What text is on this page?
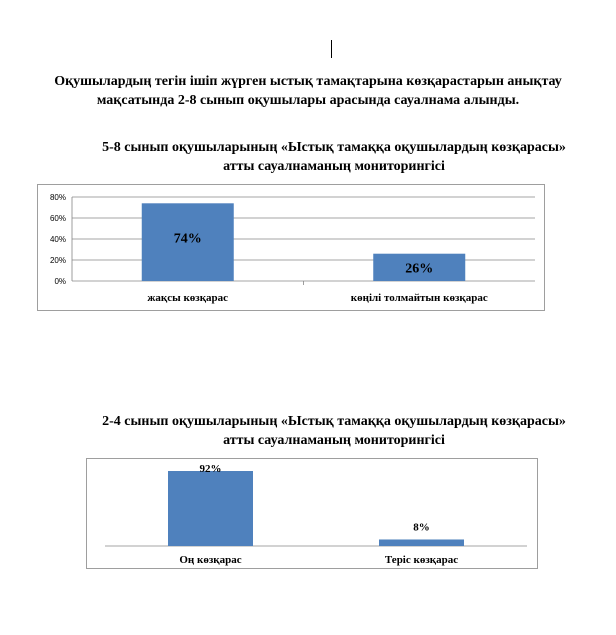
Оқушылардың тегін ішіп жүрген ыстық тамақтарына көзқарастарын анықтау
мақсатында 2-8 сынып оқушылары арасында сауалнама алынды.
5-8 сынып оқушыларының «Ыстық тамаққа оқушылардың көзқарасы»
атты сауалнаманың мониторингісі
0%
20%
40%
60%
80%
74%
жақсы көзқарас
26%
көңілі толмайтын көзқарас
2-4 сынып оқушыларының «Ыстық тамаққа оқушылардың көзқарасы»
атты сауалнаманың мониторингісі
92%
Оң көзқарас
8%
Теріс көзқарас
